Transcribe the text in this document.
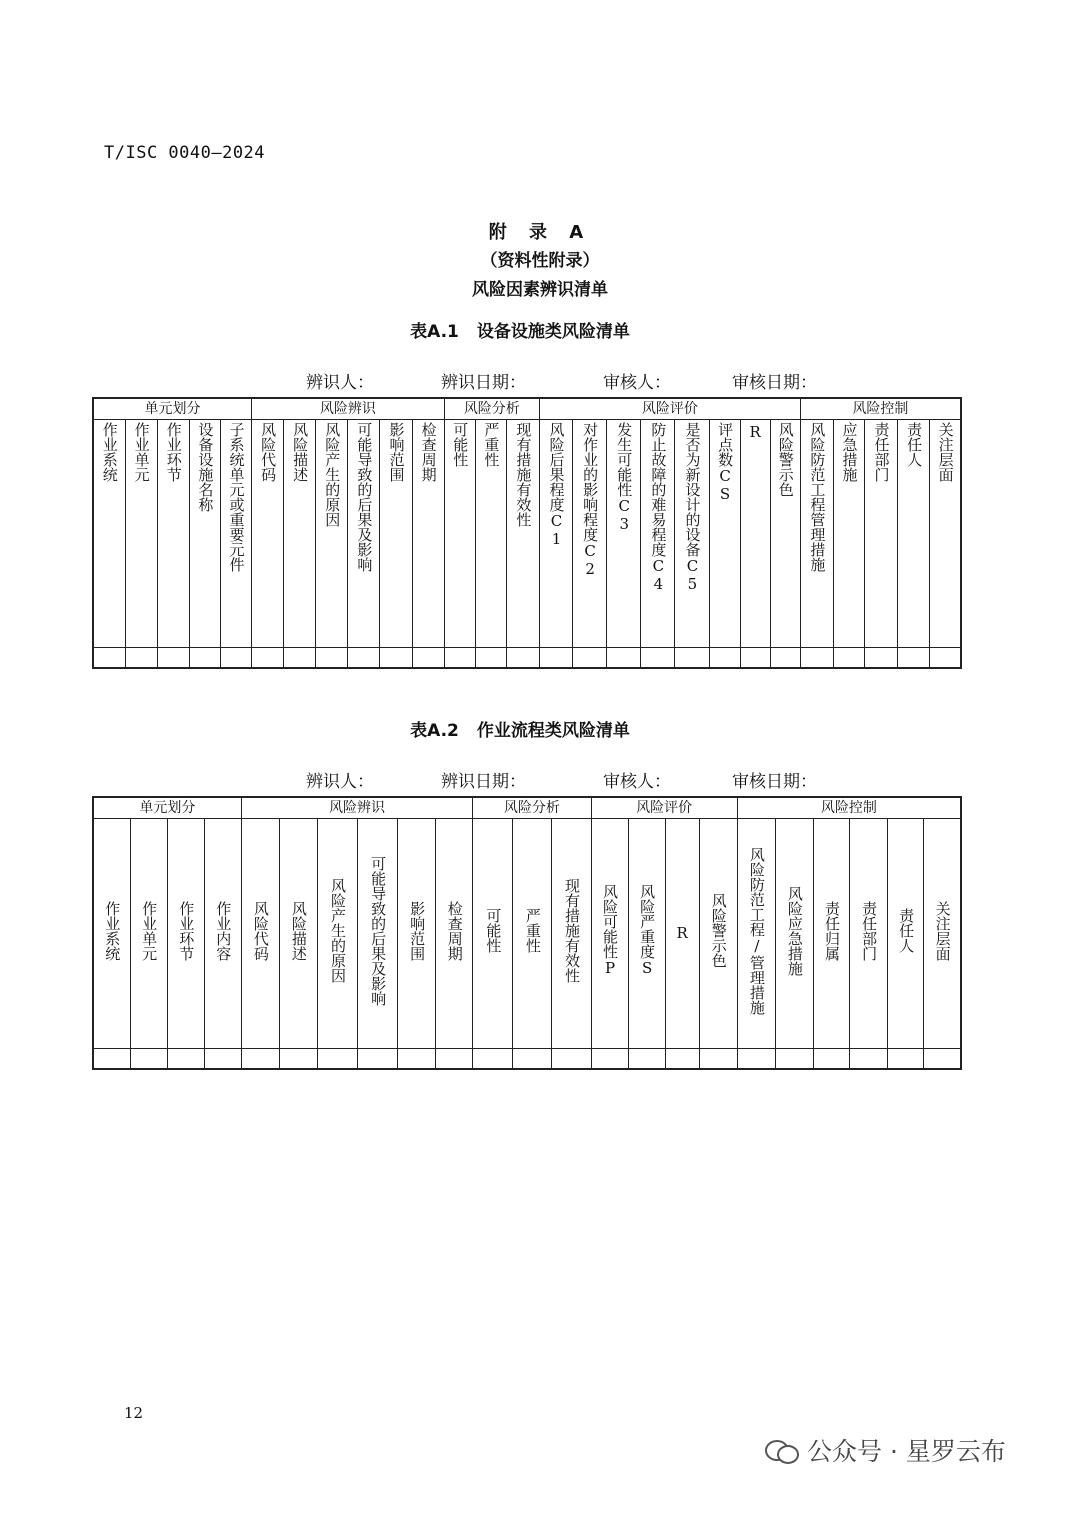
T/ISC 0040—2024
附 录 A
（资料性附录）
风险因素辨识清单
表A.1 设备设施类风险清单
辨识人：	辨识日期：	审核人：	审核日期：
单元划分					风险辨识						风险分析			风险评价								风险控制				
作业系统	作业单元	作业环节	设备设施名称	子系统单元或重要元件	风险代码	风险描述	风险产生的原因	可能导致的后果及影响	影响范围	检查周期	可能性	严重性	现有措施有效性	风险后果程度C1	对作业的影响程度C2	发生可能性C3	防止故障的难易程度C4	是否为新设计的设备C5	评点数CS	R	风险警示色	风险防范工程管理措施	应急措施	责任部门	责任人	关注层面

表A.2 作业流程类风险清单
辨识人：	辨识日期：	审核人：	审核日期：
单元划分				风险辨识						风险分析			风险评价				风险控制					
作业系统	作业单元	作业环节	作业内容	风险代码	风险描述	风险产生的原因	可能导致的后果及影响	影响范围	检查周期	可能性	严重性	现有措施有效性	风险可能性P	风险严重度S	R	风险警示色	风险防范工程/管理措施	风险应急措施	责任归属	责任部门	责任人	关注层面

12
公众号 · 星罗云布
